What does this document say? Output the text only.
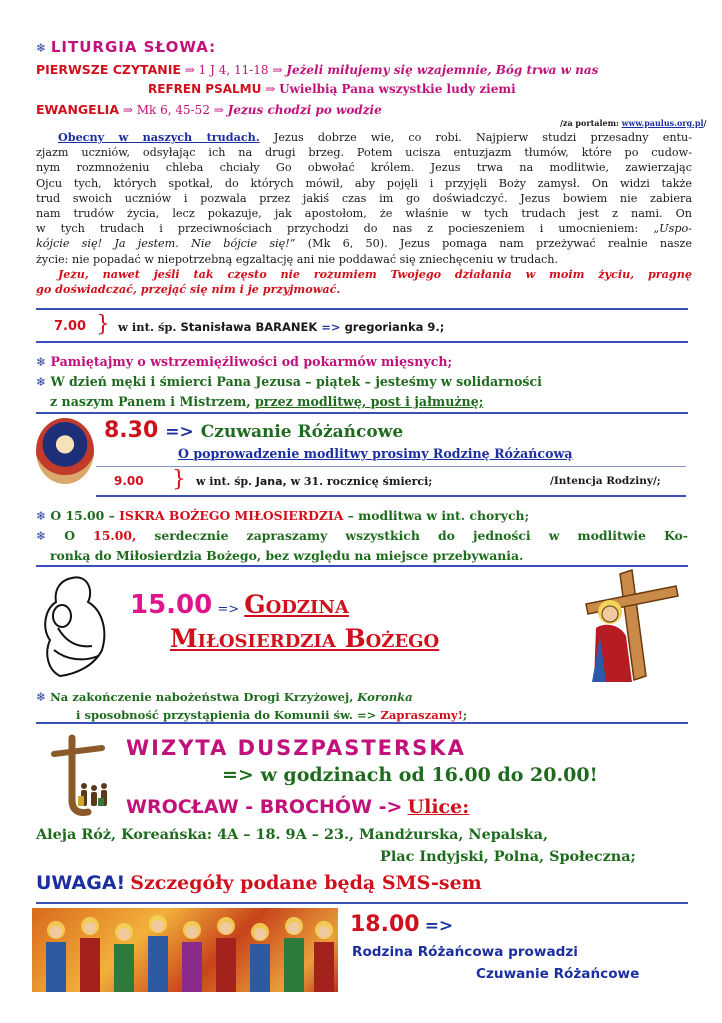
❄ LITURGIA SŁOWA:
PIERWSZE CZYTANIE ⇒ 1 J 4, 11-18 ⇒ Jeżeli miłujemy się wzajemnie, Bóg trwa w nas
REFREN PSALMU ⇒ Uwielbią Pana wszystkie ludy ziemi
EWANGELIA ⇒ Mk 6, 45-52 ⇒ Jezus chodzi po wodzie
/za portalem: www.paulus.org.pl/

Obecny w naszych trudach. Jezus dobrze wie, co robi. Najpierw studzi przesadny entu-

zjazm uczniów, odsyłając ich na drugi brzeg. Potem ucisza entuzjazm tłumów, które po cudow-

nym rozmnożeniu chleba chciały Go obwołać królem. Jezus trwa na modlitwie, zawierzając

Ojcu tych, których spotkał, do których mówił, aby pojęli i przyjęli Boży zamysł. On widzi także

trud swoich uczniów i pozwala przez jakiś czas im go doświadczyć. Jezus bowiem nie zabiera

nam trudów życia, lecz pokazuje, jak apostołom, że właśnie w tych trudach jest z nami. On

w tych trudach i przeciwnościach przychodzi do nas z pocieszeniem i umocnieniem: „Uspo-

kójcie się! Ja jestem. Nie bójcie się!” (Mk 6, 50). Jezus pomaga nam przeżywać realnie nasze

życie: nie popadać w niepotrzebną egzaltację ani nie poddawać się zniechęceniu w trudach.

Jezu, nawet jeśli tak często nie rozumiem Twojego działania w moim życiu, pragnę

go doświadczać, przejąć się nim i je przyjmować.

7.00 } w int. śp. Stanisława BARANEK => gregorianka 9.;

❄ Pamiętajmy o wstrzemięźliwości od pokarmów mięsnych;

❄ W dzień męki i śmierci Pana Jezusa – piątek – jesteśmy w solidarności

z naszym Panem i Mistrzem, przez modlitwę, post i jałmużnę;

8.30 => Czuwanie Różańcowe
O poprowadzenie modlitwy prosimy Rodzinę Różańcową
9.00 } w int. śp. Jana, w 31. rocznicę śmierci;	/Intencja Rodziny/;

❄ O 15.00 – ISKRA BOŻEGO MIŁOSIERDZIA – modlitwa w int. chorych;

❄ O 15.00, serdecznie zapraszamy wszystkich do jedności w modlitwie Ko-

ronką do Miłosierdzia Bożego, bez względu na miejsce przebywania.

15.00 => Godzina
Miłosierdzia Bożego

❄ Na zakończenie nabożeństwa Drogi Krzyżowej, Koronka

i sposobność przystąpienia do Komunii św. => Zapraszamy!;

WIZYTA DUSZPASTERSKA
=> w godzinach od 16.00 do 20.00!
WROCŁAW - BROCHÓW -> Ulice:
Aleja Róż, Koreańska: 4A – 18. 9A – 23., Mandżurska, Nepalska,
Plac Indyjski, Polna, Społeczna;
UWAGA! Szczegóły podane będą SMS-sem
18.00 =>
Rodzina Różańcowa prowadzi
Czuwanie Różańcowe
